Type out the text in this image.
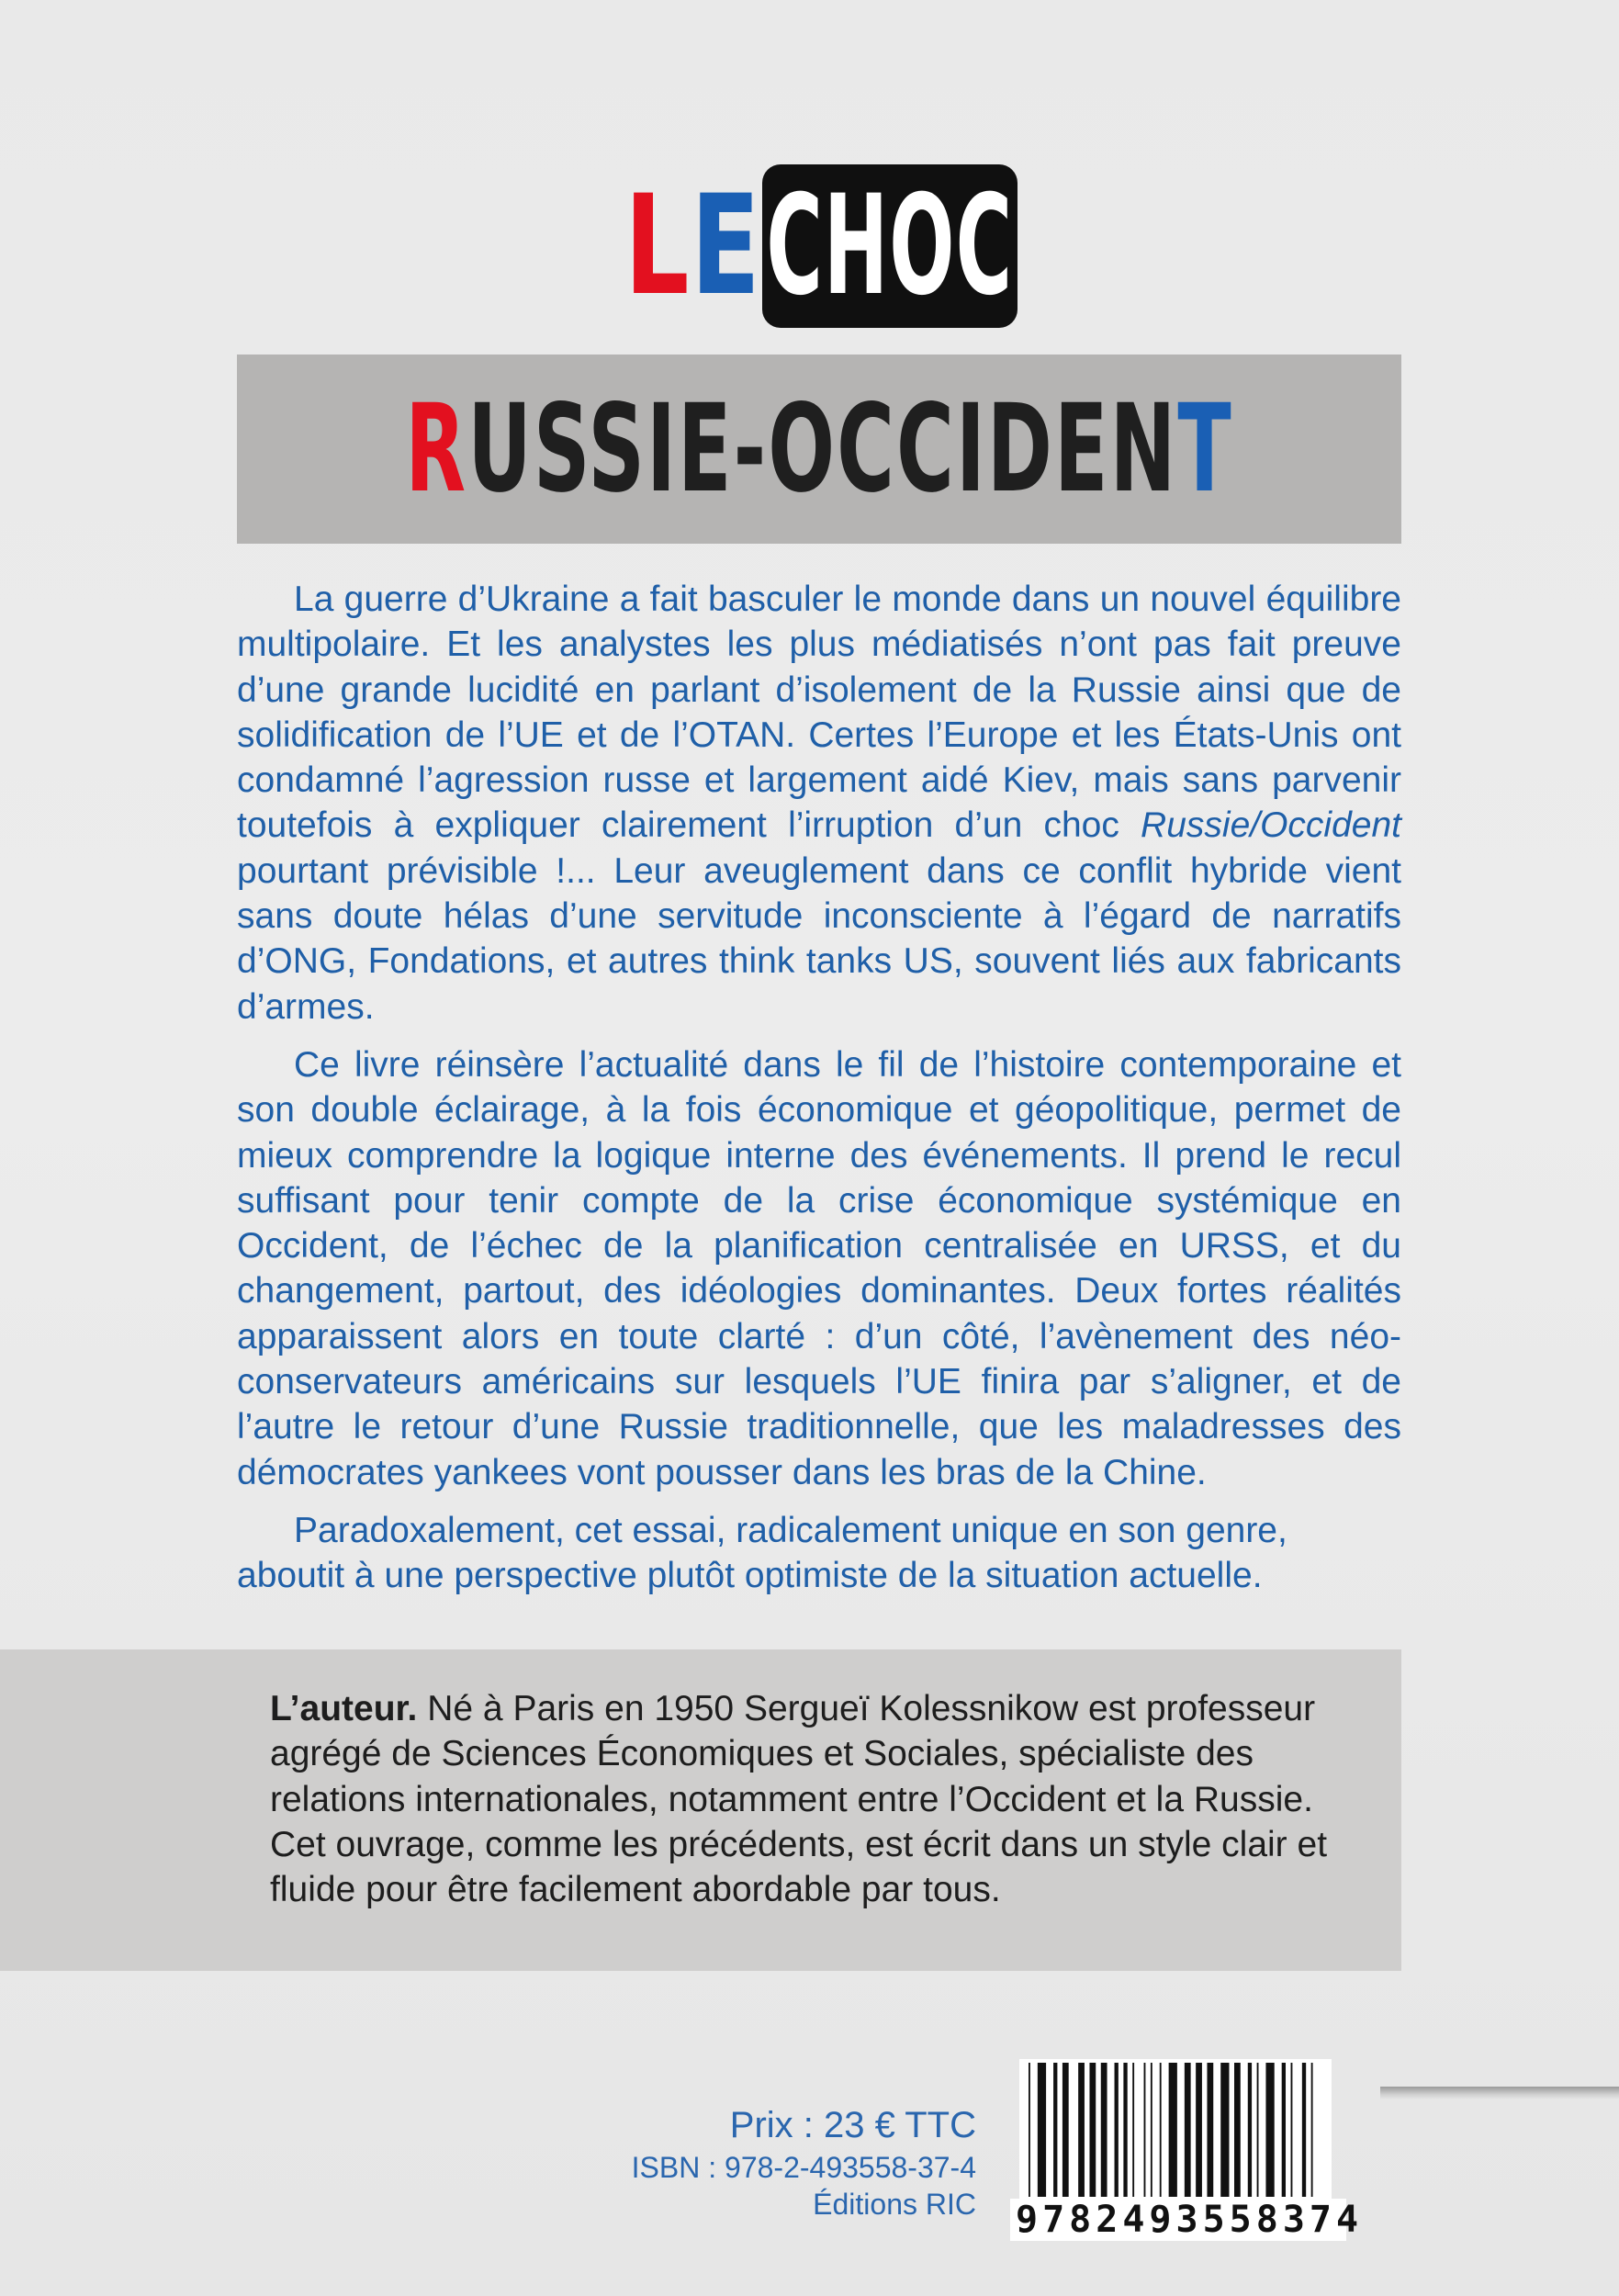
LE CHOC
RUSSIE-OCCIDENT

La guerre d’Ukraine a fait basculer le monde dans un nouvel équilibre multipolaire. Et les analystes les plus médiatisés n’ont pas fait preuve d’une grande lucidité en parlant d’isolement de la Russie ainsi que de solidification de l’UE et de l’OTAN. Certes l’Europe et les États-Unis ont condamné l’agression russe et largement aidé Kiev, mais sans parvenir toutefois à expliquer clairement l’irruption d’un choc Russie/Occident pourtant prévisible !... Leur aveuglement dans ce conflit hybride vient sans doute hélas d’une servitude inconsciente à l’égard de narratifs d’ONG, Fondations, et autres think tanks US, souvent liés aux fabricants d’armes.

Ce livre réinsère l’actualité dans le fil de l’histoire contemporaine et son double éclairage, à la fois économique et géopolitique, permet de mieux comprendre la logique interne des événements. Il prend le recul suffisant pour tenir compte de la crise économique systémique en Occident, de l’échec de la planification centralisée en URSS, et du changement, partout, des idéologies dominantes. Deux fortes réalités apparaissent alors en toute clarté : d’un côté, l’avènement des néo-conservateurs américains sur lesquels l’UE finira par s’aligner, et de l’autre le retour d’une Russie traditionnelle, que les maladresses des démocrates yankees vont pousser dans les bras de la Chine.

Paradoxalement, cet essai, radicalement unique en son genre, aboutit à une perspective plutôt optimiste de la situation actuelle.

L’auteur. Né à Paris en 1950 Sergueï Kolessnikow est professeur agrégé de Sciences Économiques et Sociales, spécialiste des relations internationales, notamment entre l’Occident et la Russie. Cet ouvrage, comme les précédents, est écrit dans un style clair et fluide pour être facilement abordable par tous.
Prix : 23 € TTC
ISBN : 978-2-493558-37-4
Éditions RIC 9782493558374
